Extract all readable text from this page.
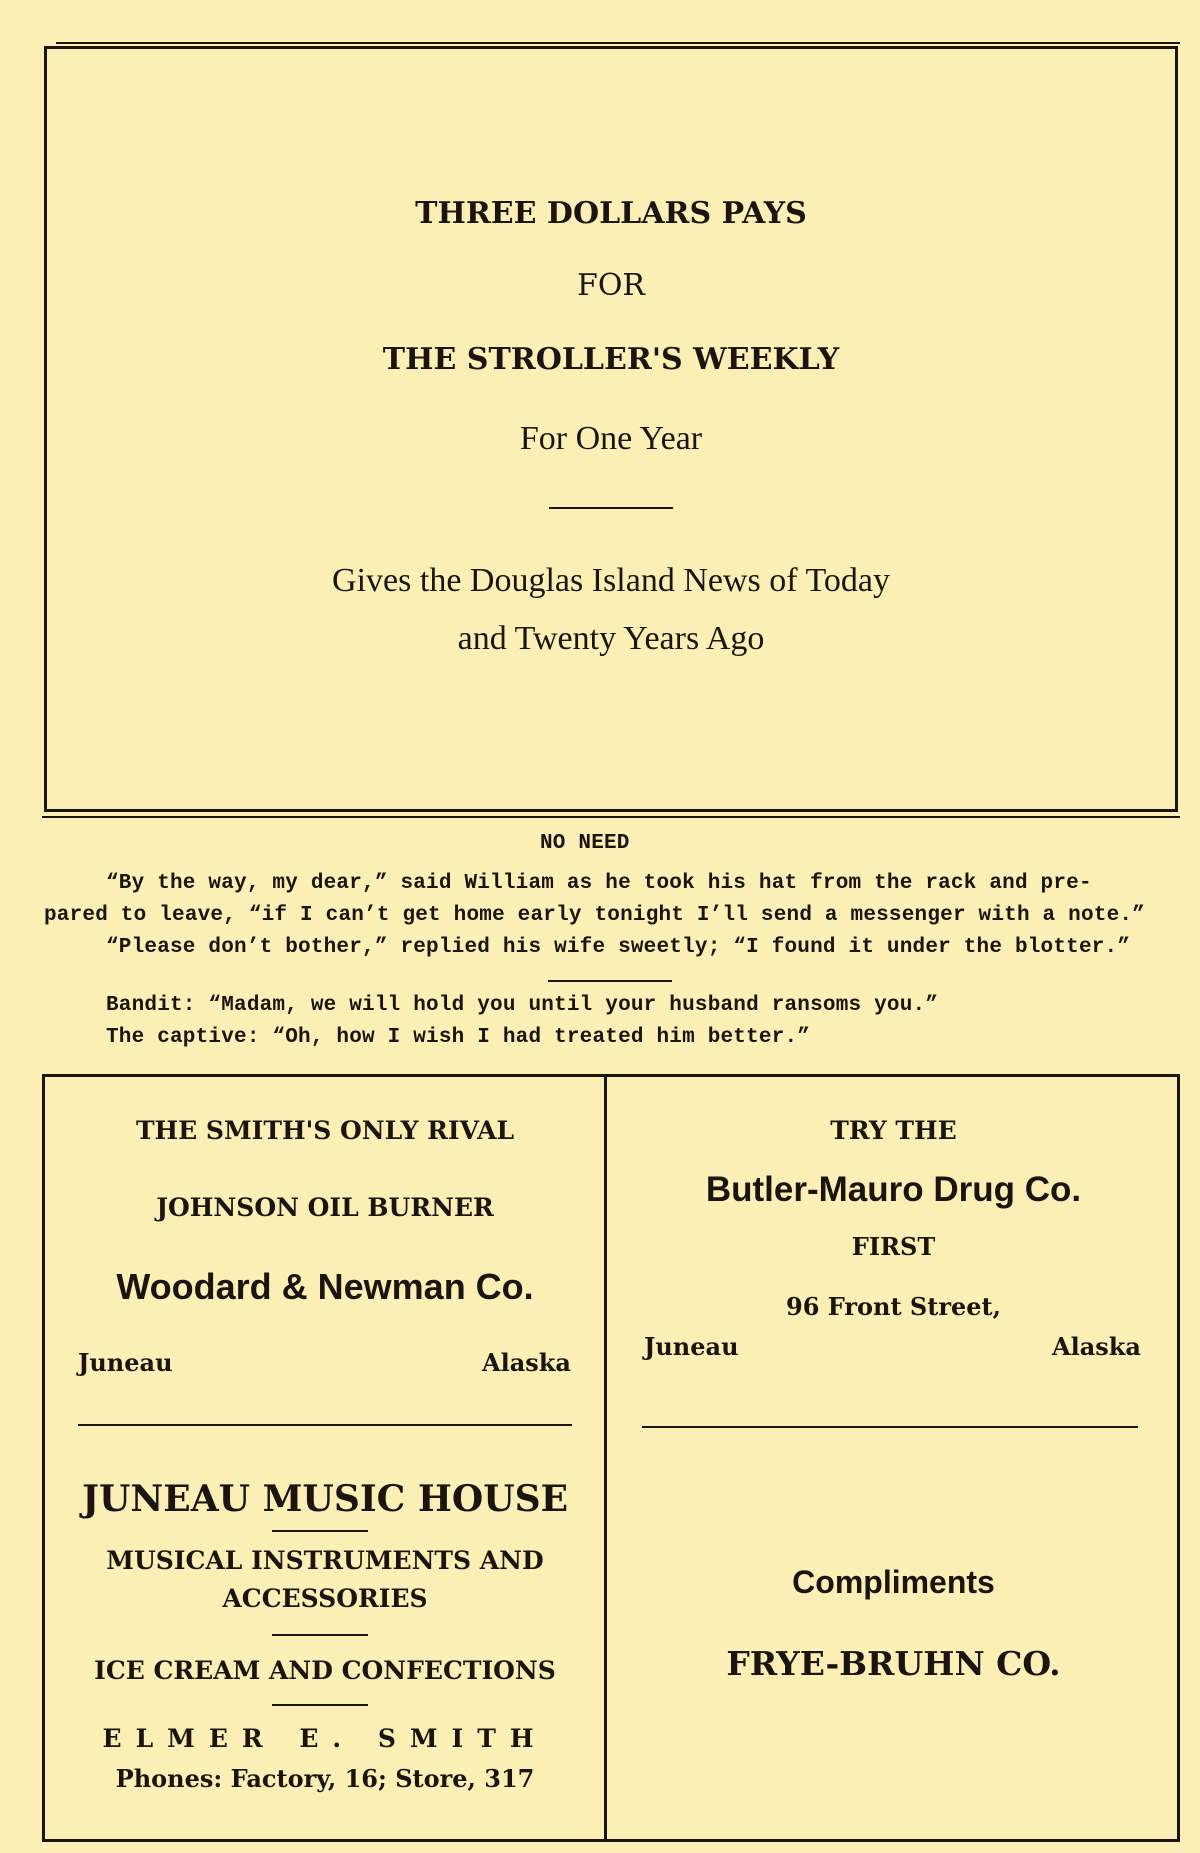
THREE DOLLARS PAYS
FOR
THE STROLLER'S WEEKLY
For One Year
Gives the Douglas Island News of Today
and Twenty Years Ago
NO NEED
“By the way, my dear,” said William as he took his hat from the rack and pre-
pared to leave, “if I can’t get home early tonight I’ll send a messenger with a note.”
“Please don’t bother,” replied his wife sweetly; “I found it under the blotter.”
Bandit: “Madam, we will hold you until your husband ransoms you.”
The captive: “Oh, how I wish I had treated him better.”
THE SMITH'S ONLY RIVAL
JOHNSON OIL BURNER
Woodard & Newman Co.
Juneau	Alaska
JUNEAU MUSIC HOUSE
MUSICAL INSTRUMENTS AND
ACCESSORIES
ICE CREAM AND CONFECTIONS
ELMER E. SMITH
Phones: Factory, 16; Store, 317
TRY THE
Butler-Mauro Drug Co.
FIRST
96 Front Street,
Juneau	Alaska
Compliments
FRYE-BRUHN CO.
